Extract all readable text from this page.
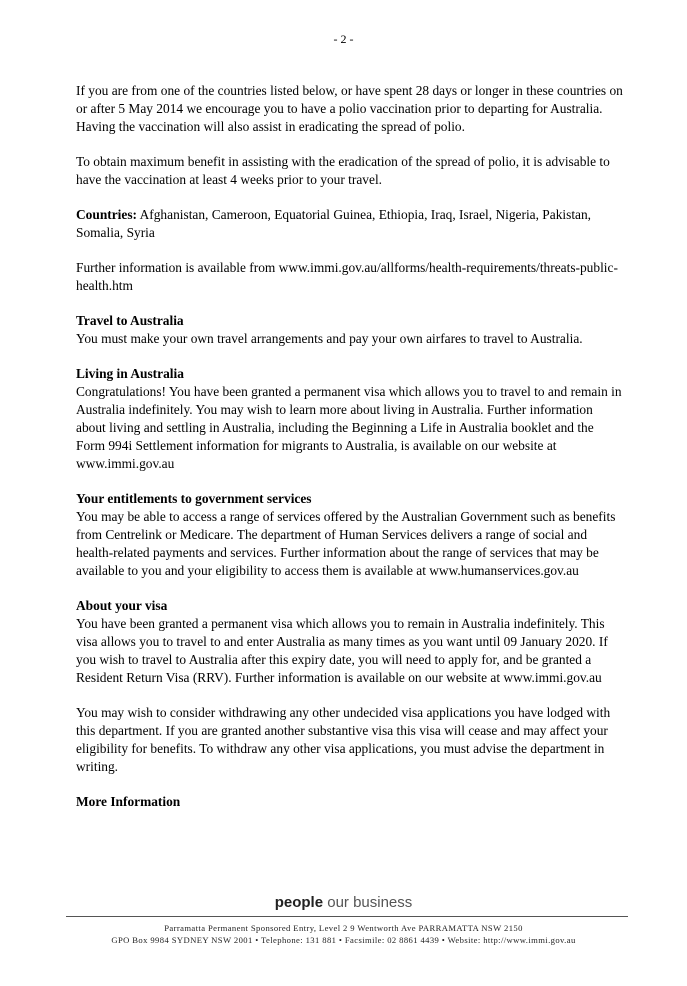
- 2 -

If you are from one of the countries listed below, or have spent 28 days or longer in these countries on or after 5 May 2014 we encourage you to have a polio vaccination prior to departing for Australia. Having the vaccination will also assist in eradicating the spread of polio.

To obtain maximum benefit in assisting with the eradication of the spread of polio, it is advisable to have the vaccination at least 4 weeks prior to your travel.

Countries: Afghanistan, Cameroon, Equatorial Guinea, Ethiopia, Iraq, Israel, Nigeria, Pakistan, Somalia, Syria

Further information is available from www.immi.gov.au/allforms/health-requirements/threats-public-health.htm

Travel to Australia
You must make your own travel arrangements and pay your own airfares to travel to Australia.

Living in Australia
Congratulations! You have been granted a permanent visa which allows you to travel to and remain in Australia indefinitely. You may wish to learn more about living in Australia. Further information about living and settling in Australia, including the Beginning a Life in Australia booklet and the Form 994i Settlement information for migrants to Australia, is available on our website at www.immi.gov.au

Your entitlements to government services
You may be able to access a range of services offered by the Australian Government such as benefits from Centrelink or Medicare. The department of Human Services delivers a range of social and health-related payments and services. Further information about the range of services that may be available to you and your eligibility to access them is available at www.humanservices.gov.au

About your visa
You have been granted a permanent visa which allows you to remain in Australia indefinitely. This visa allows you to travel to and enter Australia as many times as you want until 09 January 2020. If you wish to travel to Australia after this expiry date, you will need to apply for, and be granted a Resident Return Visa (RRV). Further information is available on our website at www.immi.gov.au

You may wish to consider withdrawing any other undecided visa applications you have lodged with this department. If you are granted another substantive visa this visa will cease and may affect your eligibility for benefits. To withdraw any other visa applications, you must advise the department in writing.

More Information

people our business
Parramatta Permanent Sponsored Entry, Level 2 9 Wentworth Ave PARRAMATTA NSW 2150
GPO Box 9984 SYDNEY NSW 2001 • Telephone: 131 881 • Facsimile: 02 8861 4439 • Website: http://www.immi.gov.au
